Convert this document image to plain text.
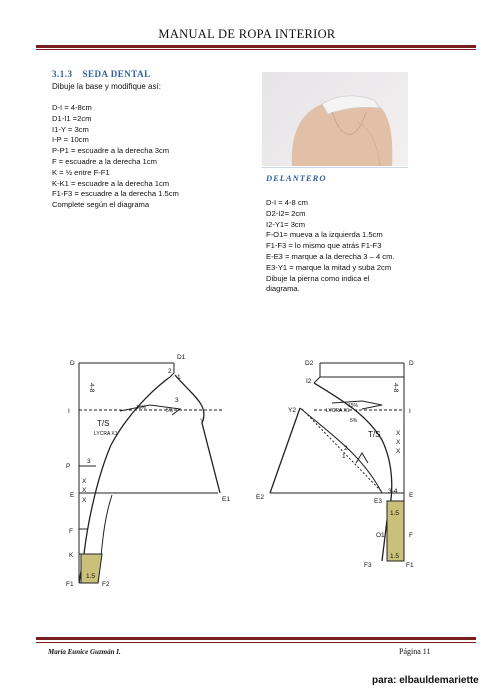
MANUAL DE ROPA INTERIOR
3.1.3 SEDA DENTAL
Dibuje la base y modifique así:
D-I = 4-8cm
D1-I1 =2cm
I1-Y = 3cm
I-P = 10cm
P-P1 = escuadre a la derecha 3cm
F = escuadre a la derecha 1cm
K = ½ entre F-F1
K-K1 = escuadre a la derecha 1cm
F1-F3 = escuadre a la derecha 1.5cm
Complete según el diagrama
DELANTERO
D-I = 4-8 cm
D2-I2= 2cm
I2-Y1= 3cm
F-O1= mueva a la izquierda 1.5cm
F1-F3 = lo mismo que atrás F1-F3
E-E3 = marque a la derecha 3 – 4 cm.
E3-Y1 = marque la mitad y suba 2cm
Dibuje la pierna como indica el
diagrama.
D
D1
I
P
E
E1
F
K
F1	F2
Y
T/S
LYCRA X1
4-8
2
1
3
3
15%	5%
1.5
X
X
X
D
D2
I2
I
Y2
E
E2
E3
F
O1
F1
F3
T/S
LYCRA X1
4-8
2
1
3-4
15%
5%
1.5
1.5
X
X
X
María Eunice Guzmán I.	Página 11
para: elbauldemariette
